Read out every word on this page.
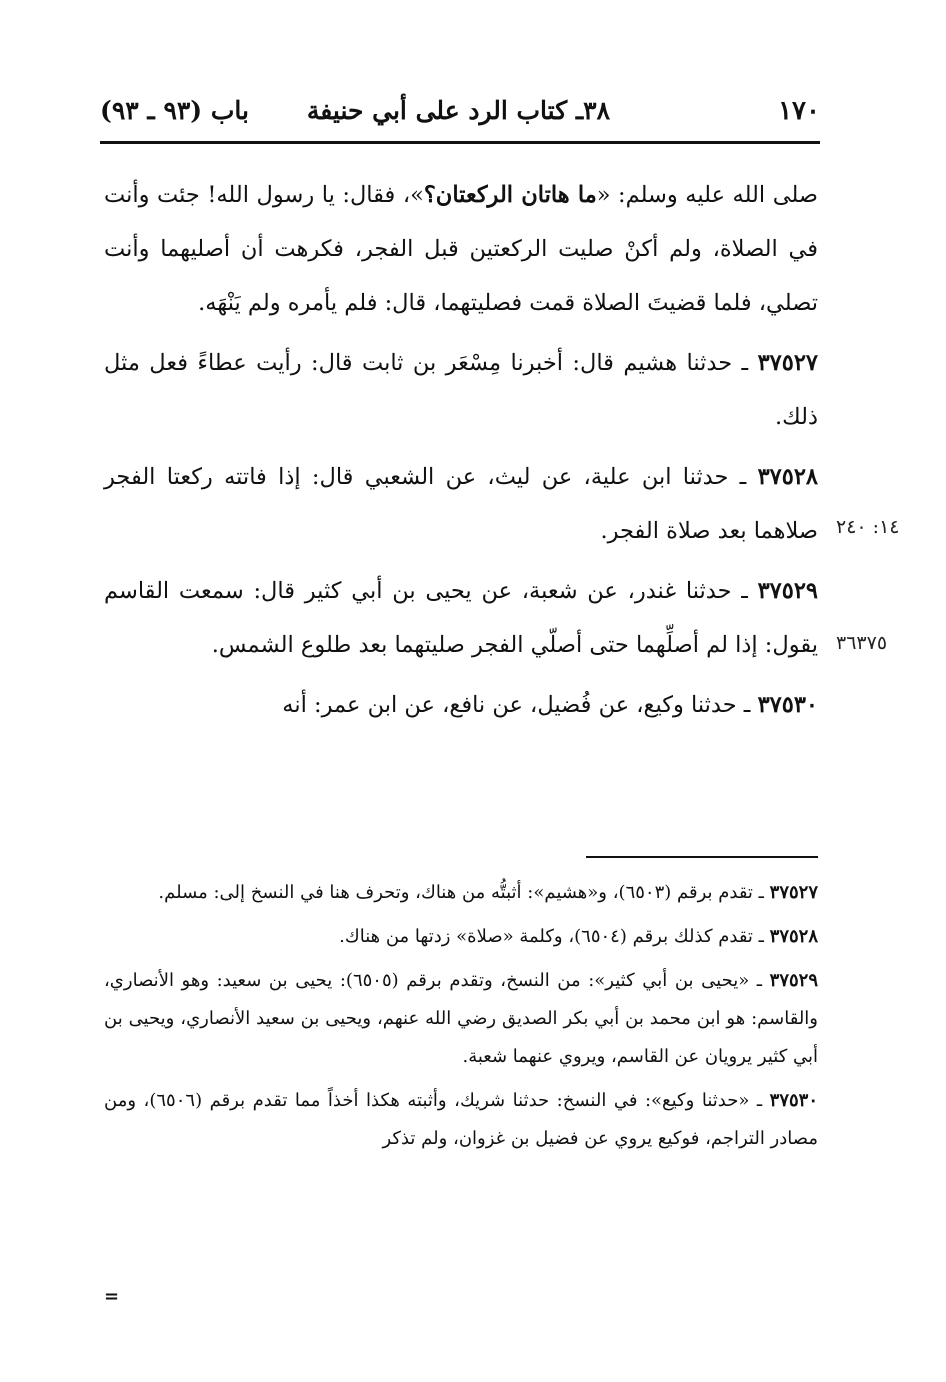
١٧٠
٣٨ـ كتاب الرد على أبي حنيفة
باب (٩٣ ـ ٩٣)

صلى الله عليه وسلم: «ما هاتان الركعتان؟»، فقال: يا رسول الله! جئت وأنت في الصلاة، ولم أكنْ صليت الركعتين قبل الفجر، فكرهت أن أصليهما وأنت تصلي، فلما قضيتَ الصلاة قمت فصليتهما، قال: فلم يأمره ولم يَنْهَه.

٣٧٥٢٧ ـ حدثنا هشيم قال: أخبرنا مِسْعَر بن ثابت قال: رأيت عطاءً فعل مثل ذلك.

٣٧٥٢٨ ـ حدثنا ابن علية، عن ليث، عن الشعبي قال: إذا فاتته ركعتا الفجر صلاهما بعد صلاة الفجر.

٣٧٥٢٩ ـ حدثنا غندر، عن شعبة، عن يحيى بن أبي كثير قال: سمعت القاسم يقول: إذا لم أصلِّهما حتى أصلّي الفجر صليتهما بعد طلوع الشمس.

٣٧٥٣٠ ـ حدثنا وكيع، عن فُضيل، عن نافع، عن ابن عمر: أنه

١٤: ٢٤٠
٣٦٣٧٥

٣٧٥٢٧ ـ تقدم برقم (٦٥٠٣)، و«هشيم»: أثبتُّه من هناك، وتحرف هنا في النسخ إلى: مسلم.

٣٧٥٢٨ ـ تقدم كذلك برقم (٦٥٠٤)، وكلمة «صلاة» زدتها من هناك.

٣٧٥٢٩ ـ «يحيى بن أبي كثير»: من النسخ، وتقدم برقم (٦٥٠٥): يحيى بن سعيد: وهو الأنصاري، والقاسم: هو ابن محمد بن أبي بكر الصديق رضي الله عنهم، ويحيى بن سعيد الأنصاري، ويحيى بن أبي كثير يرويان عن القاسم، ويروي عنهما شعبة.

٣٧٥٣٠ ـ «حدثنا وكيع»: في النسخ: حدثنا شريك، وأثبته هكذا أخذاً مما تقدم برقم (٦٥٠٦)، ومن مصادر التراجم، فوكيع يروي عن فضيل بن غزوان، ولم تذكر

=
